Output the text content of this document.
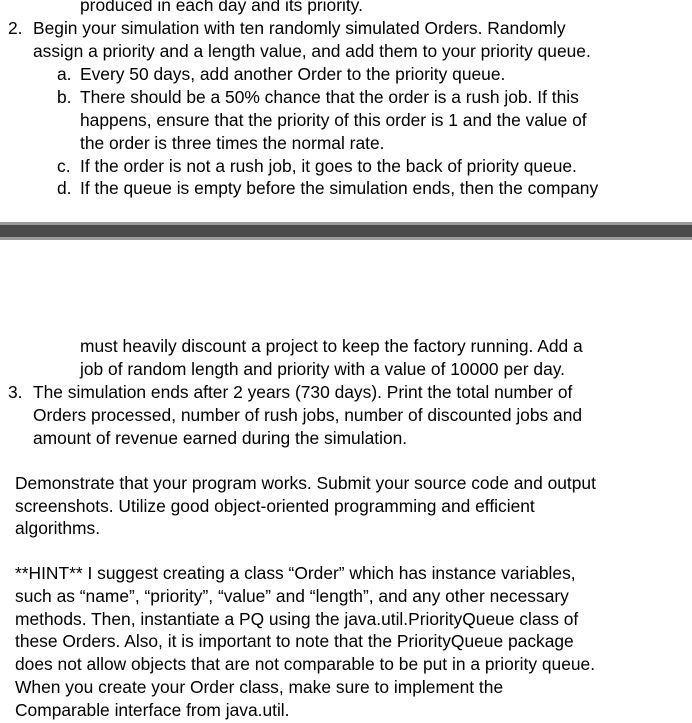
produced in each day and its priority.
2. Begin your simulation with ten randomly simulated Orders. Randomly
assign a priority and a length value, and add them to your priority queue.
a. Every 50 days, add another Order to the priority queue.
b. There should be a 50% chance that the order is a rush job. If this
happens, ensure that the priority of this order is 1 and the value of
the order is three times the normal rate.
c. If the order is not a rush job, it goes to the back of priority queue.
d. If the queue is empty before the simulation ends, then the company
must heavily discount a project to keep the factory running. Add a
job of random length and priority with a value of 10000 per day.
3. The simulation ends after 2 years (730 days). Print the total number of
Orders processed, number of rush jobs, number of discounted jobs and
amount of revenue earned during the simulation.
Demonstrate that your program works. Submit your source code and output
screenshots. Utilize good object-oriented programming and efficient
algorithms.
**HINT** I suggest creating a class “Order” which has instance variables,
such as “name”, “priority”, “value” and “length”, and any other necessary
methods. Then, instantiate a PQ using the java.util.PriorityQueue class of
these Orders. Also, it is important to note that the PriorityQueue package
does not allow objects that are not comparable to be put in a priority queue.
When you create your Order class, make sure to implement the
Comparable interface from java.util.
